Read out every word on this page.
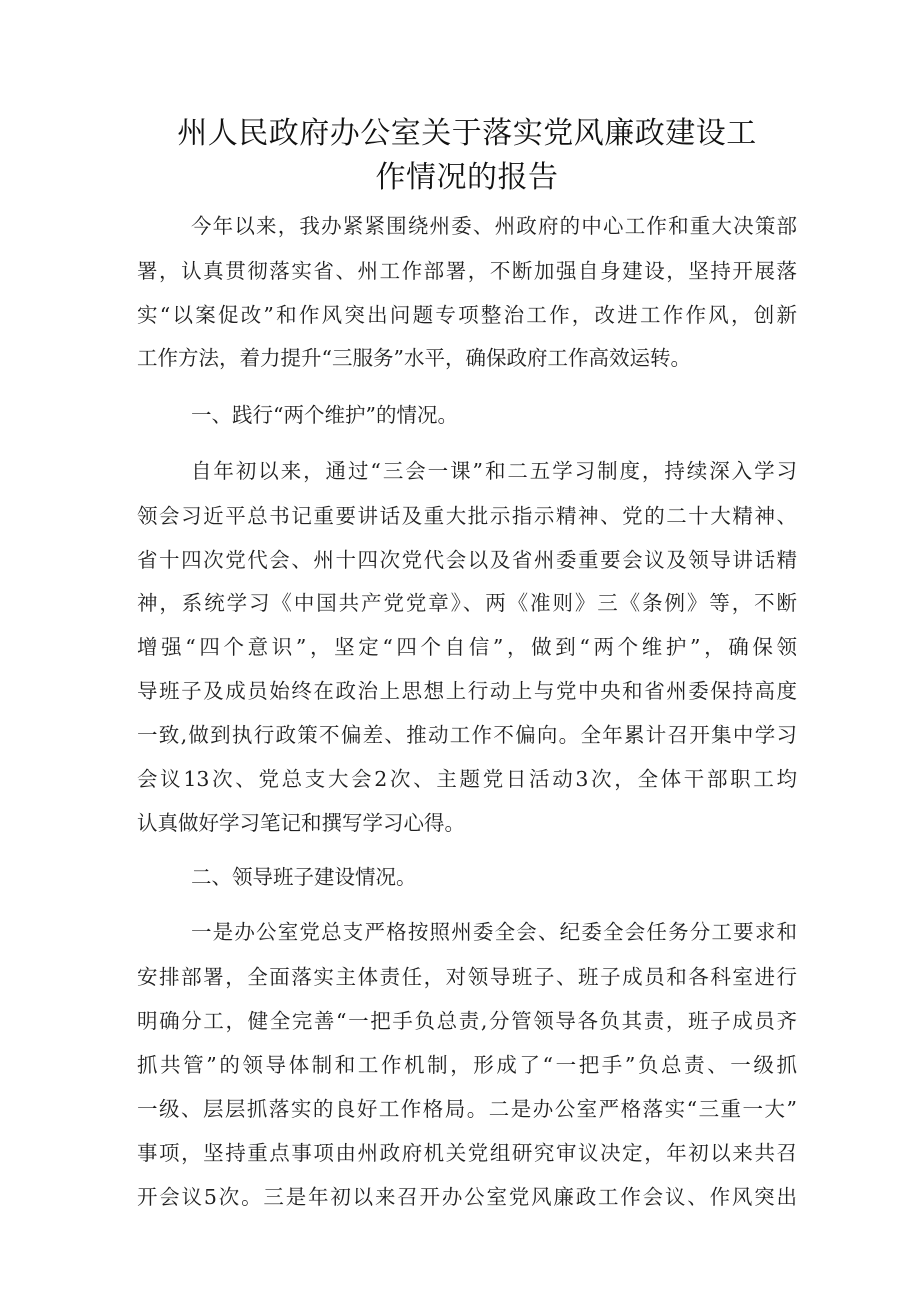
州人民政府办公室关于落实党风廉政建设工
作情况的报告
今年以来，我办紧紧围绕州委、州政府的中心工作和重大决策部
署，认真贯彻落实省、州工作部署，不断加强自身建设，坚持开展落
实“以案促改”和作风突出问题专项整治工作，改进工作作风，创新
工作方法，着力提升“三服务”水平，确保政府工作高效运转。
一、践行“两个维护”的情况。
自年初以来，通过“三会一课”和二五学习制度，持续深入学习
领会习近平总书记重要讲话及重大批示指示精神、党的二十大精神、
省十四次党代会、州十四次党代会以及省州委重要会议及领导讲话精
神，系统学习《中国共产党党章》、两《准则》三《条例》等，不断
增强“四个意识”，坚定“四个自信”，做到“两个维护”，确保领
导班子及成员始终在政治上思想上行动上与党中央和省州委保持高度
一致,做到执行政策不偏差、推动工作不偏向。全年累计召开集中学习
会议13次、党总支大会2次、主题党日活动3次，全体干部职工均
认真做好学习笔记和撰写学习心得。
二、领导班子建设情况。
一是办公室党总支严格按照州委全会、纪委全会任务分工要求和
安排部署，全面落实主体责任，对领导班子、班子成员和各科室进行
明确分工，健全完善“一把手负总责,分管领导各负其责，班子成员齐
抓共管”的领导体制和工作机制，形成了“一把手”负总责、一级抓
一级、层层抓落实的良好工作格局。二是办公室严格落实“三重一大”
事项，坚持重点事项由州政府机关党组研究审议决定，年初以来共召
开会议5次。三是年初以来召开办公室党风廉政工作会议、作风突出
